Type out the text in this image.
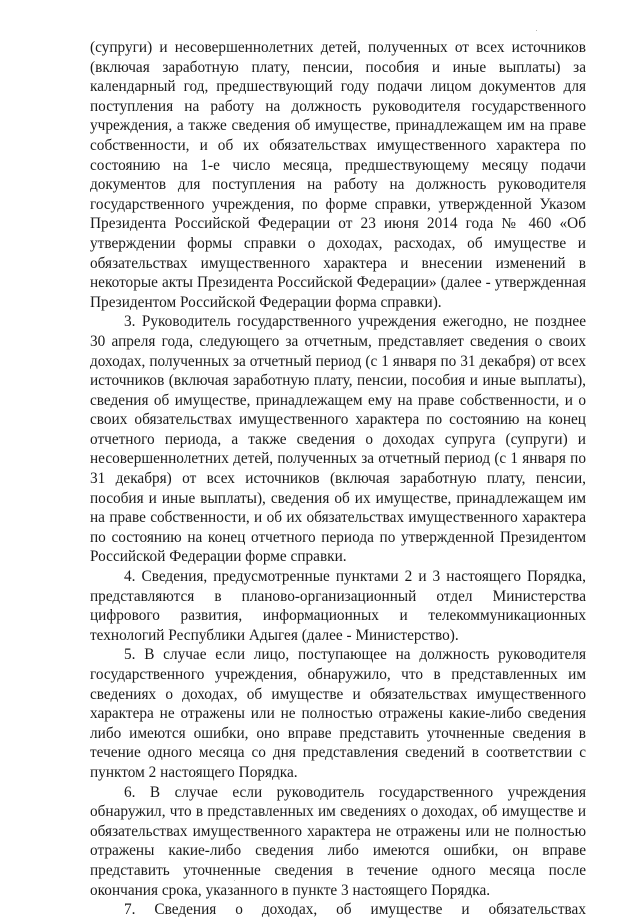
(супруги) и несовершеннолетних детей, полученных от всех источников (включая заработную плату, пенсии, пособия и иные выплаты) за календарный год, предшествующий году подачи лицом документов для поступления на работу на должность руководителя государственного учреждения, а также сведения об имуществе, принадлежащем им на праве собственности, и об их обязательствах имущественного характера по состоянию на 1-е число месяца, предшествующему месяцу подачи документов для поступления на работу на должность руководителя государственного учреждения, по форме справки, утвержденной Указом Президента Российской Федерации от 23 июня 2014 года № 460 «Об утверждении формы справки о доходах, расходах, об имуществе и обязательствах имущественного характера и внесении изменений в некоторые акты Президента Российской Федерации» (далее - утвержденная Президентом Российской Федерации форма справки).

3. Руководитель государственного учреждения ежегодно, не позднее 30 апреля года, следующего за отчетным, представляет сведения о своих доходах, полученных за отчетный период (с 1 января по 31 декабря) от всех источников (включая заработную плату, пенсии, пособия и иные выплаты), сведения об имуществе, принадлежащем ему на праве собственности, и о своих обязательствах имущественного характера по состоянию на конец отчетного периода, а также сведения о доходах супруга (супруги) и несовершеннолетних детей, полученных за отчетный период (с 1 января по 31 декабря) от всех источников (включая заработную плату, пенсии, пособия и иные выплаты), сведения об их имуществе, принадлежащем им на праве собственности, и об их обязательствах имущественного характера по состоянию на конец отчетного периода по утвержденной Президентом Российской Федерации форме справки.

4. Сведения, предусмотренные пунктами 2 и 3 настоящего Порядка, представляются в планово-организационный отдел Министерства цифрового развития, информационных и телекоммуникационных технологий Республики Адыгея (далее - Министерство).

5. В случае если лицо, поступающее на должность руководителя государственного учреждения, обнаружило, что в представленных им сведениях о доходах, об имуществе и обязательствах имущественного характера не отражены или не полностью отражены какие-либо сведения либо имеются ошибки, оно вправе представить уточненные сведения в течение одного месяца со дня представления сведений в соответствии с пунктом 2 настоящего Порядка.

6. В случае если руководитель государственного учреждения обнаружил, что в представленных им сведениях о доходах, об имуществе и обязательствах имущественного характера не отражены или не полностью отражены какие-либо сведения либо имеются ошибки, он вправе представить уточненные сведения в течение одного месяца после окончания срока, указанного в пункте 3 настоящего Порядка.

7. Сведения о доходах, об имуществе и обязательствах
